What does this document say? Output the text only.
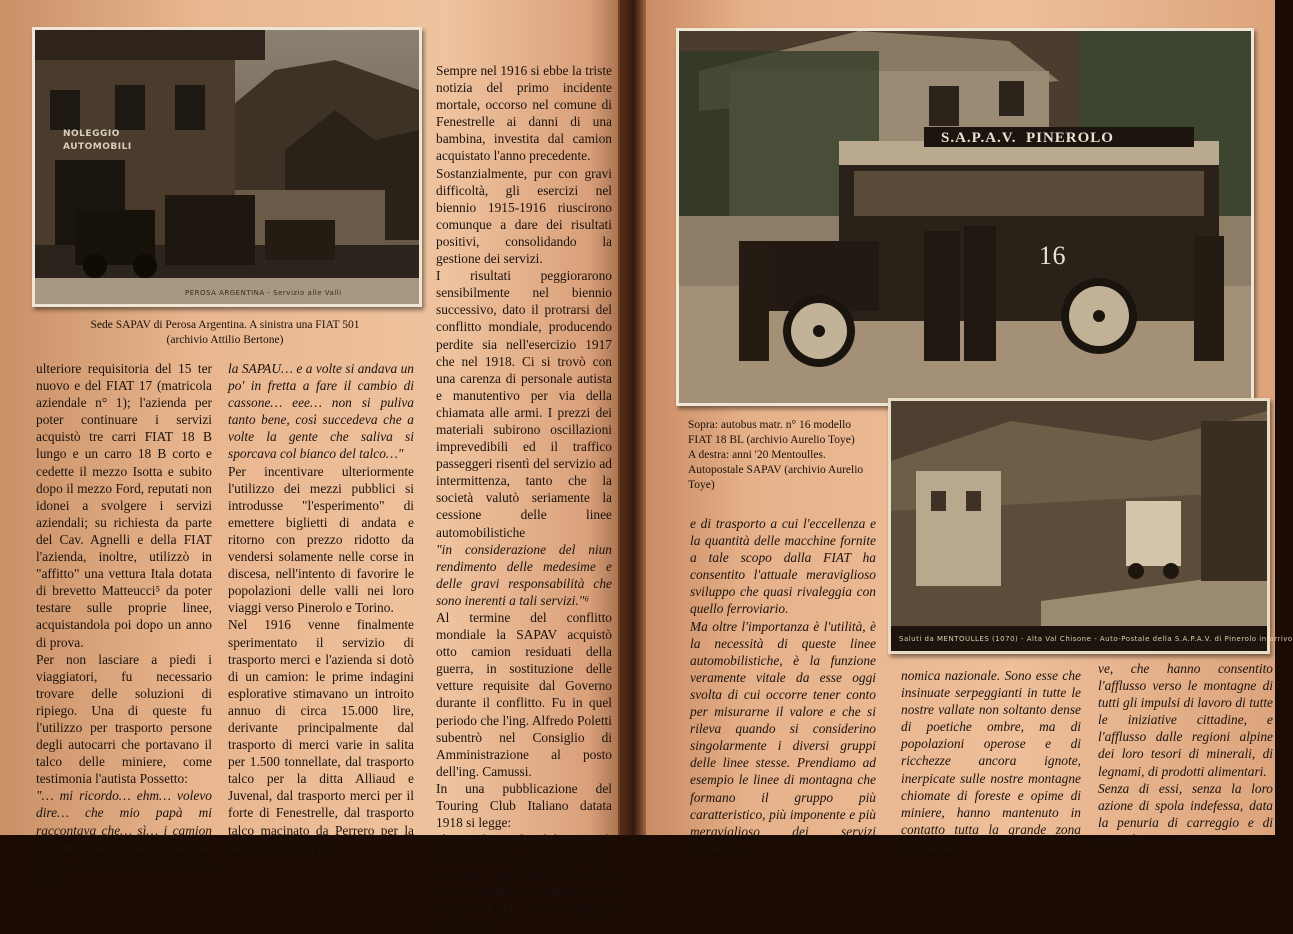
NOLEGGIO AUTOMOBILI
PEROSA ARGENTINA - Servizio alle Valli
Sede SAPAV di Perosa Argentina. A sinistra una FIAT 501 (archivio Attilio Bertone)

ulteriore requisitoria del 15 ter nuovo e del FIAT 17 (matricola aziendale n° 1); l'azienda per poter continuare i servizi acquistò tre carri FIAT 18 B lungo e un carro 18 B corto e cedette il mezzo Isotta e subito dopo il mezzo Ford, reputati non idonei a svolgere i servizi aziendali; su richiesta da parte del Cav. Agnelli e della FIAT l'azienda, inoltre, utilizzò in "affitto" una vettura Itala dotata di brevetto Matteucci⁵ da poter testare sulle proprie linee, acquistandola poi dopo un anno di prova.

Per non lasciare a piedi i viaggiatori, fu necessario trovare delle soluzioni di ripiego. Una di queste fu l'utilizzo per trasporto persone degli autocarri che portavano il talco delle miniere, come testimonia l'autista Possetto:

"… mi ricordo… ehm… volevo dire… che mio papà mi raccontava che… sì… i camion Ceirano con le gume piene che nella settimana portavano la Talco

la SAPAU… e a volte si andava un po' in fretta a fare il cambio di cassone… eee… non si puliva tanto bene, così succedeva che a volte la gente che saliva si sporcava col bianco del talco…"

Per incentivare ulteriormente l'utilizzo dei mezzi pubblici si introdusse "l'esperimento" di emettere biglietti di andata e ritorno con prezzo ridotto da vendersi solamente nelle corse in discesa, nell'intento di favorire le popolazioni delle valli nei loro viaggi verso Pinerolo e Torino.

Nel 1916 venne finalmente sperimentato il servizio di trasporto merci e l'azienda si dotò di un camion: le prime indagini esplorative stimavano un introito annuo di circa 15.000 lire, derivante principalmente dal trasporto di merci varie in salita per 1.500 tonnellate, dal trasporto talco per la ditta Alliaud e Juvenal, dal trasporto merci per il forte di Fenestrelle, dal trasporto talco macinato da Perrero per la ditta De Giorgis Fl

Sempre nel 1916 si ebbe la triste notizia del primo incidente mortale, occorso nel comune di Fenestrelle ai danni di una bambina, investita dal camion acquistato l'anno precedente.

Sostanzialmente, pur con gravi difficoltà, gli esercizi nel biennio 1915-1916 riuscirono comunque a dare dei risultati positivi, consolidando la gestione dei servizi.

I risultati peggiorarono sensibilmente nel biennio successivo, dato il protrarsi del conflitto mondiale, producendo perdite sia nell'esercizio 1917 che nel 1918. Ci si trovò con una carenza di personale autista e manutentivo per via della chiamata alle armi. I prezzi dei materiali subirono oscillazioni imprevedibili ed il traffico passeggeri risentì del servizio ad intermittenza, tanto che la società valutò seriamente la cessione delle linee automobilistiche

"in considerazione del niun rendimento delle medesime e delle gravi responsabilità che sono inerenti a tali servizi."⁶

Al termine del conflitto mondiale la SAPAV acquistò otto camion residuati della guerra, in sostituzione delle vetture requisite dal Governo durante il conflitto. Fu in quel periodo che l'ing. Alfredo Poletti subentrò nel Consiglio di Amministrazione al posto dell'ing. Camussi.

In una pubblicazione del Touring Club Italiano datata 1918 si legge:

"le migliaia di chilometri di strade italiane, su cui si estende la rete automobilistica dei servizi pubblici compiuti con veicoli FIAT e il numero rilevante di

S.A.P.A.V.  PINEROLO
16
Sopra: autobus matr. n° 16 modello FIAT 18 BL (archivio Aurelio Toye)
A destra: anni '20 Mentoulles. Autopostale SAPAV (archivio Aurelio Toye)
Saluti da MENTOULLES (1070) - Alta Val Chisone - Auto-Postale della S.A.P.A.V. di Pinerolo in arrivo
e di trasporto a cui l'eccellenza e la quantità delle macchine fornite a tale scopo dalla FIAT ha consentito l'attuale meraviglioso sviluppo che quasi rivaleggia con quello ferroviario.
Ma oltre l'importanza è l'utilità, è la necessità di queste linee automobilistiche, è la funzione veramente vitale da esse oggi svolta di cui occorre tener conto per misurarne il valore e che si rileva quando si considerino singolarmente i diversi gruppi delle linee stesse. Prendiamo ad esempio le linee di montagna che formano il gruppo più caratteristico, più imponente e più meraviglioso dei servizi automobi-
nomica nazionale. Sono esse che insinuate serpeggianti in tutte le nostre vallate non soltanto dense di poetiche ombre, ma di popolazioni operose e di ricchezze ancora ignote, inerpicate sulle nostre montagne chiomate di foreste e opime di miniere, hanno mantenuto in contatto tutta la grande zona montuosa
ve, che hanno consentito l'afflusso verso le montagne di tutti gli impulsi di lavoro di tutte le iniziative cittadine, e l'afflusso dalle regioni alpine dei loro tesori di minerali, di legnami, di prodotti alimentari.
Senza di essi, senza la loro azione di spola indefessa, data la penuria di carreggio e di animali
